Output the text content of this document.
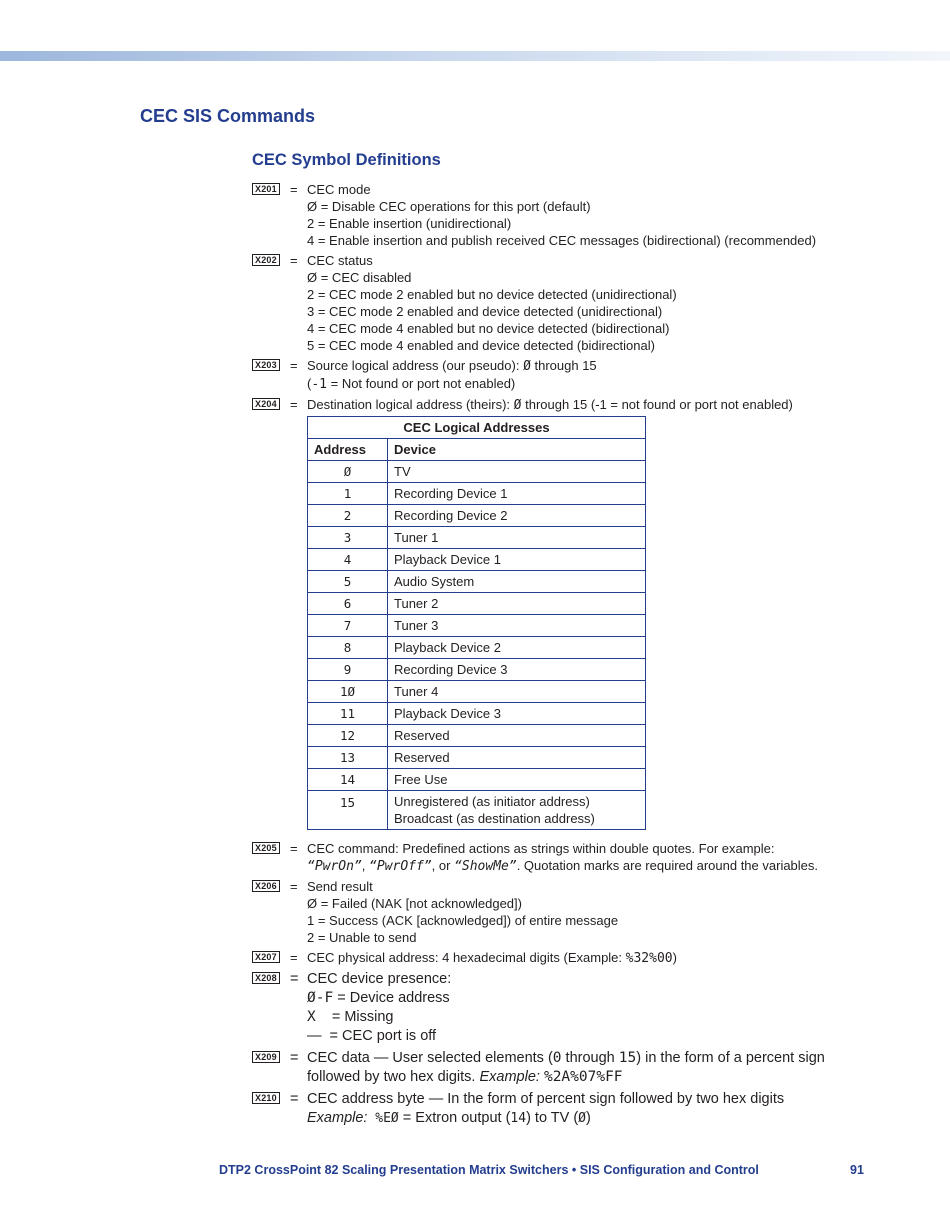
CEC SIS Commands
CEC Symbol Definitions
X201 = CEC mode
Ø = Disable CEC operations for this port (default)
2 = Enable insertion (unidirectional)
4 = Enable insertion and publish received CEC messages (bidirectional) (recommended)
X202 = CEC status
Ø = CEC disabled
2 = CEC mode 2 enabled but no device detected (unidirectional)
3 = CEC mode 2 enabled and device detected (unidirectional)
4 = CEC mode 4 enabled but no device detected (bidirectional)
5 = CEC mode 4 enabled and device detected (bidirectional)
X203 = Source logical address (our pseudo): Ø through 15
(-1 = Not found or port not enabled)
X204 = Destination logical address (theirs): Ø through 15 (-1 = not found or port not enabled)
CEC Logical Addresses	
Address	Device
Ø	TV
1	Recording Device 1
2	Recording Device 2
3	Tuner 1
4	Playback Device 1
5	Audio System
6	Tuner 2
7	Tuner 3
8	Playback Device 2
9	Recording Device 3
1Ø	Tuner 4
11	Playback Device 3
12	Reserved
13	Reserved
14	Free Use
15	Unregistered (as initiator address)
Broadcast (as destination address)
X205 = CEC command: Predefined actions as strings within double quotes. For example:
“PwrOn”, “PwrOff”, or “ShowMe”. Quotation marks are required around the variables.
X206 = Send result
Ø = Failed (NAK [not acknowledged])
1 = Success (ACK [acknowledged]) of entire message
2 = Unable to send
X207 = CEC physical address: 4 hexadecimal digits (Example: %32%00)
X208 = CEC device presence:
Ø-F = Device address
X    = Missing
—  = CEC port is off
X209 = CEC data — User selected elements (0 through 15) in the form of a percent sign
followed by two hex digits. Example: %2A%07%FF
X210 = CEC address byte — In the form of percent sign followed by two hex digits
Example: %EØ = Extron output (14) to TV (Ø)
DTP2 CrossPoint 82 Scaling Presentation Matrix Switchers • SIS Configuration and Control	91
